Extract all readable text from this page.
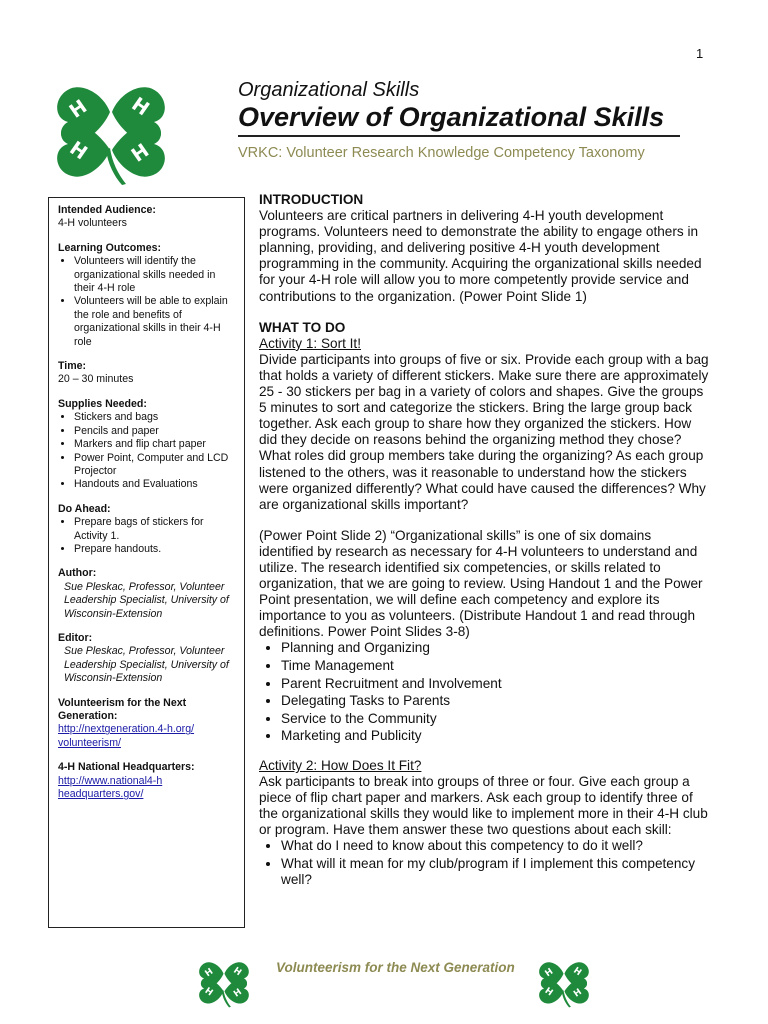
1
H H
H H
Organizational Skills
Overview of Organizational Skills
VRKC: Volunteer Research Knowledge Competency Taxonomy
Intended Audience:
4-H volunteers
Learning Outcomes:
• Volunteers will identify the organizational skills needed in their 4-H role
• Volunteers will be able to explain the role and benefits of organizational skills in their 4-H role
Time:
20 – 30 minutes
Supplies Needed:
• Stickers and bags
• Pencils and paper
• Markers and flip chart paper
• Power Point, Computer and LCD Projector
• Handouts and Evaluations
Do Ahead:
• Prepare bags of stickers for Activity 1.
• Prepare handouts.
Author:
Sue Pleskac, Professor, Volunteer Leadership Specialist, University of Wisconsin-Extension
Editor:
Sue Pleskac, Professor, Volunteer Leadership Specialist, University of Wisconsin-Extension
Volunteerism for the Next Generation:
http://nextgeneration.4-h.org/
volunteerism/
4-H National Headquarters:
http://www.national4-h
headquarters.gov/
INTRODUCTION

Volunteers are critical partners in delivering 4-H youth development programs. Volunteers need to demonstrate the ability to engage others in planning, providing, and delivering positive 4-H youth development programming in the community. Acquiring the organizational skills needed for your 4-H role will allow you to more competently provide service and contributions to the organization. (Power Point Slide 1)

WHAT TO DO
Activity 1: Sort It!

Divide participants into groups of five or six. Provide each group with a bag that holds a variety of different stickers. Make sure there are approximately 25 - 30 stickers per bag in a variety of colors and shapes. Give the groups 5 minutes to sort and categorize the stickers. Bring the large group back together. Ask each group to share how they organized the stickers. How did they decide on reasons behind the organizing method they chose? What roles did group members take during the organizing? As each group listened to the others, was it reasonable to understand how the stickers were organized differently? What could have caused the differences? Why are organizational skills important?

(Power Point Slide 2) “Organizational skills” is one of six domains identified by research as necessary for 4-H volunteers to understand and utilize. The research identified six competencies, or skills related to organization, that we are going to review. Using Handout 1 and the Power Point presentation, we will define each competency and explore its importance to you as volunteers. (Distribute Handout 1 and read through definitions. Power Point Slides 3-8)

• Planning and Organizing
• Time Management
• Parent Recruitment and Involvement
• Delegating Tasks to Parents
• Service to the Community
• Marketing and Publicity
Activity 2: How Does It Fit?

Ask participants to break into groups of three or four. Give each group a piece of flip chart paper and markers. Ask each group to identify three of the organizational skills they would like to implement more in their 4-H club or program. Have them answer these two questions about each skill:

• What do I need to know about this competency to do it well?
• What will it mean for my club/program if I implement this competency well?
H H
H H
Volunteerism for the Next Generation	H H
H H
